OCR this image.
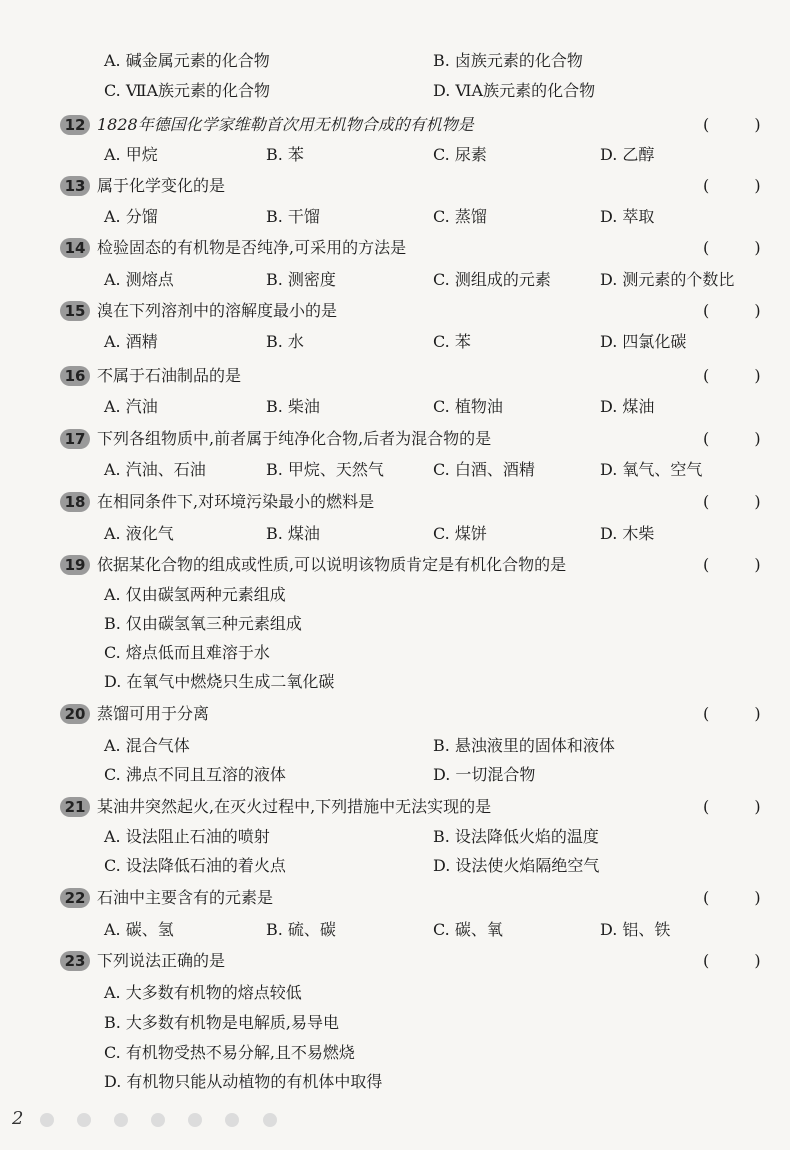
A. 碱金属元素的化合物	B. 卤族元素的化合物
C. ⅦA族元素的化合物	D. ⅥA族元素的化合物
12 1828年德国化学家维勒首次用无机物合成的有机物是	( )
A. 甲烷	B. 苯	C. 尿素	D. 乙醇
13 属于化学变化的是	( )
A. 分馏	B. 干馏	C. 蒸馏	D. 萃取
14 检验固态的有机物是否纯净,可采用的方法是	( )
A. 测熔点	B. 测密度	C. 测组成的元素	D. 测元素的个数比
15 溴在下列溶剂中的溶解度最小的是	( )
A. 酒精	B. 水	C. 苯	D. 四氯化碳
16 不属于石油制品的是	( )
A. 汽油	B. 柴油	C. 植物油	D. 煤油
17 下列各组物质中,前者属于纯净化合物,后者为混合物的是	( )
A. 汽油、石油	B. 甲烷、天然气	C. 白酒、酒精	D. 氧气、空气
18 在相同条件下,对环境污染最小的燃料是	( )
A. 液化气	B. 煤油	C. 煤饼	D. 木柴
19 依据某化合物的组成或性质,可以说明该物质肯定是有机化合物的是	( )
A. 仅由碳氢两种元素组成
B. 仅由碳氢氧三种元素组成
C. 熔点低而且难溶于水
D. 在氧气中燃烧只生成二氧化碳
20 蒸馏可用于分离	( )
A. 混合气体	B. 悬浊液里的固体和液体
C. 沸点不同且互溶的液体	D. 一切混合物
21 某油井突然起火,在灭火过程中,下列措施中无法实现的是	( )
A. 设法阻止石油的喷射	B. 设法降低火焰的温度
C. 设法降低石油的着火点	D. 设法使火焰隔绝空气
22 石油中主要含有的元素是	( )
A. 碳、氢	B. 硫、碳	C. 碳、氧	D. 铝、铁
23 下列说法正确的是	( )
A. 大多数有机物的熔点较低
B. 大多数有机物是电解质,易导电
C. 有机物受热不易分解,且不易燃烧
D. 有机物只能从动植物的有机体中取得
2
